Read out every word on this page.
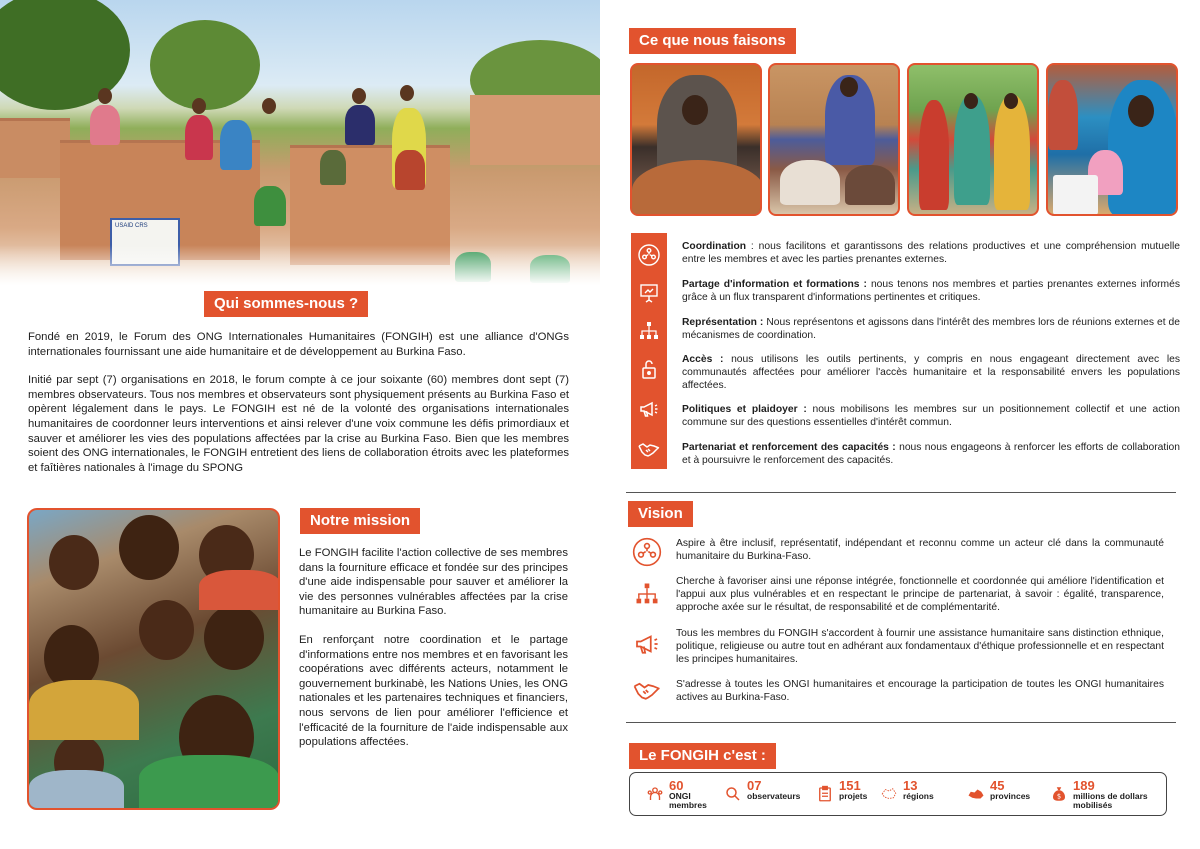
USAID CRS
Qui sommes-nous ?

Fondé en 2019, le Forum des ONG Internationales Humanitaires (FONGIH) est une alliance d'ONGs internationales fournissant une aide humanitaire et de développement au Burkina Faso.

Initié par sept (7) organisations en 2018, le forum compte à ce jour soixante (60) membres dont sept (7) membres observateurs. Tous nos membres et observateurs sont physiquement présents au Burkina Faso et opèrent légalement dans le pays. Le FONGIH est né de la volonté des organisations internationales humanitaires de coordonner leurs interventions et ainsi relever d'une voix commune les défis primordiaux et sauver et améliorer les vies des populations affectées par la crise au Burkina Faso. Bien que les membres soient des ONG internationales, le FONGIH entretient des liens de collaboration étroits avec les plateformes et faîtières nationales à l'image du SPONG

Notre mission

Le FONGIH facilite l'action collective de ses membres dans la fourniture efficace et fondée sur des principes d'une aide indispensable pour sauver et améliorer la vie des personnes vulnérables affectées par la crise humanitaire au Burkina Faso.

En renforçant notre coordination et le partage d'informations entre nos membres et en favorisant les coopérations avec différents acteurs, notamment le gouvernement burkinabè, les Nations Unies, les ONG nationales et les partenaires techniques et financiers, nous servons de lien pour améliorer l'efficience et l'efficacité de la fourniture de l'aide indispensable aux populations affectées.

Ce que nous faisons
Coordination : nous facilitons et garantissons des relations productives et une compréhension mutuelle entre les membres et avec les parties prenantes externes.
Partage d'information et formations : nous tenons nos membres et parties prenantes externes informés grâce à un flux transparent d'informations pertinentes et critiques.
Représentation : Nous représentons et agissons dans l'intérêt des membres lors de réunions externes et de mécanismes de coordination.
Accès : nous utilisons les outils pertinents, y compris en nous engageant directement avec les communautés affectées pour améliorer l'accès humanitaire et la responsabilité envers les populations affectées.
Politiques et plaidoyer : nous mobilisons les membres sur un positionnement collectif et une action commune sur des questions essentielles d'intérêt commun.
Partenariat et renforcement des capacités : nous nous engageons à renforcer les efforts de collaboration et à poursuivre le renforcement des capacités.
Vision
Aspire à être inclusif, représentatif, indépendant et reconnu comme un acteur clé dans la communauté humanitaire du Burkina-Faso.
Cherche à favoriser ainsi une réponse intégrée, fonctionnelle et coordonnée qui améliore l'identification et l'appui aux plus vulnérables et en respectant le principe de partenariat, à savoir : égalité, transparence, approche axée sur le résultat, de responsabilité et de complémentarité.
Tous les membres du FONGIH s'accordent à fournir une assistance humanitaire sans distinction ethnique, politique, religieuse ou autre tout en adhérant aux fondamentaux d'éthique professionnelle et en respectant les principes humanitaires.
S'adresse à toutes les ONGI humanitaires et encourage la participation de toutes les ONGI humanitaires actives au Burkina-Faso.
Le FONGIH c'est :
60
ONGI
membres
07
observateurs
151
projets
13
régions
45
provinces	$
189
millions de dollars
mobilisés
